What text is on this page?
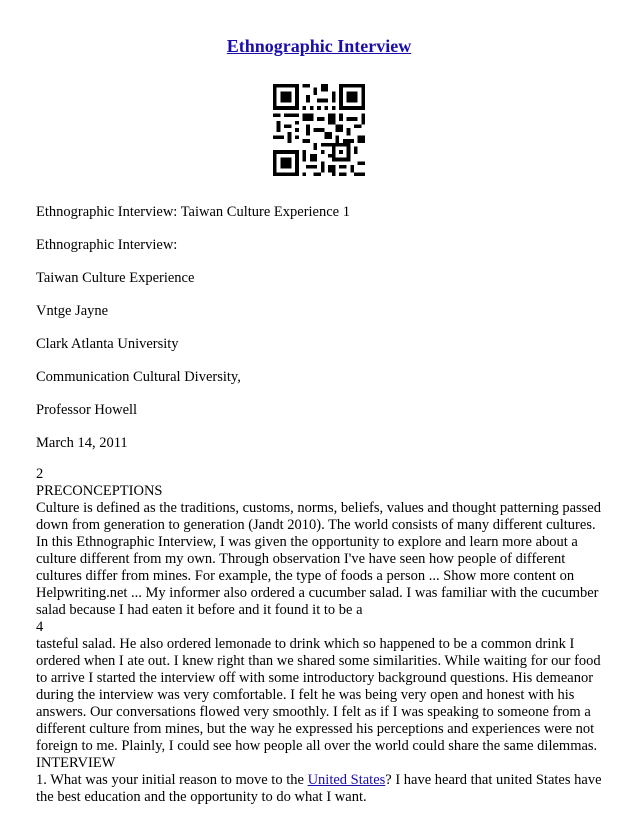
Ethnographic Interview

Ethnographic Interview: Taiwan Culture Experience 1

Ethnographic Interview:

Taiwan Culture Experience

Vntge Jayne

Clark Atlanta University

Communication Cultural Diversity,

Professor Howell

March 14, 2011

2

PRECONCEPTIONS

Culture is defined as the traditions, customs, norms, beliefs, values and thought patterning passed down from generation to generation (Jandt 2010). The world consists of many different cultures. In this Ethnographic Interview, I was given the opportunity to explore and learn more about a culture different from my own. Through observation I've have seen how people of different cultures differ from mines. For example, the type of foods a person ... Show more content on Helpwriting.net ... My informer also ordered a cucumber salad. I was familiar with the cucumber salad because I had eaten it before and it found it to be a

4

tasteful salad. He also ordered lemonade to drink which so happened to be a common drink I ordered when I ate out. I knew right than we shared some similarities. While waiting for our food to arrive I started the interview off with some introductory background questions. His demeanor during the interview was very comfortable. I felt he was being very open and honest with his answers. Our conversations flowed very smoothly. I felt as if I was speaking to someone from a different culture from mines, but the way he expressed his perceptions and experiences were not foreign to me. Plainly, I could see how people all over the world could share the same dilemmas.

INTERVIEW

1. What was your initial reason to move to the United States? I have heard that united States have the best education and the opportunity to do what I want.
